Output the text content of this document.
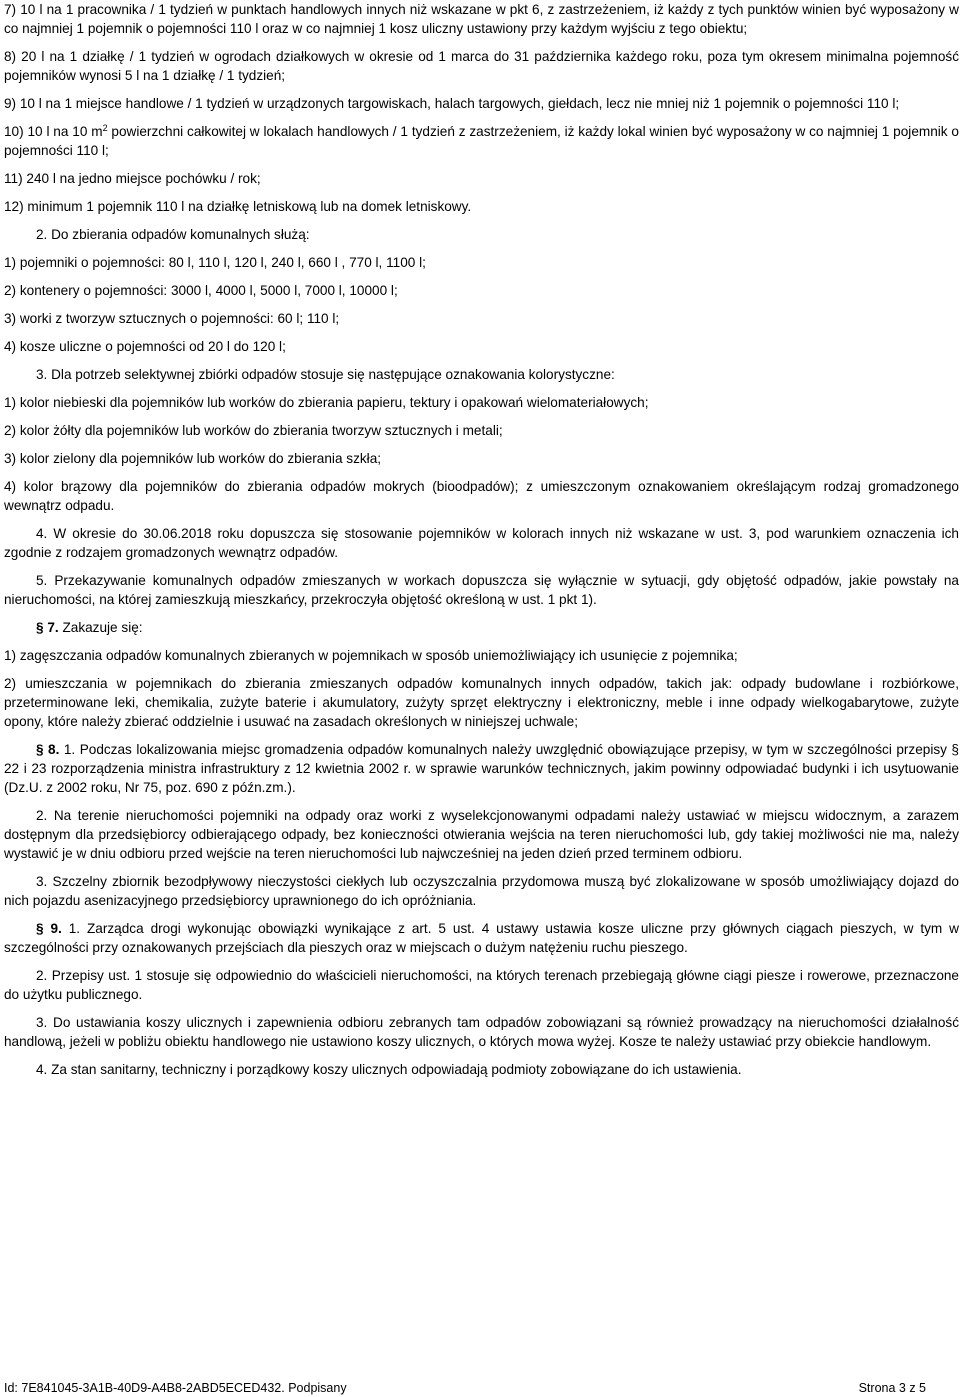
7) 10 l na 1 pracownika / 1 tydzień w punktach handlowych innych niż wskazane w pkt 6, z zastrzeżeniem, iż każdy z tych punktów winien być wyposażony w co najmniej 1 pojemnik o pojemności 110 l oraz w co najmniej 1 kosz uliczny ustawiony przy każdym wyjściu z tego obiektu;

8) 20 l na 1 działkę / 1 tydzień w ogrodach działkowych w okresie od 1 marca do 31 października każdego roku, poza tym okresem minimalna pojemność pojemników wynosi 5 l na 1 działkę / 1 tydzień;

9) 10 l na 1 miejsce handlowe / 1 tydzień w urządzonych targowiskach, halach targowych, giełdach, lecz nie mniej niż 1 pojemnik o pojemności 110 l;

10) 10 l na 10 $m^2$ powierzchni całkowitej w lokalach handlowych / 1 tydzień z zastrzeżeniem, iż każdy lokal winien być wyposażony w co najmniej 1 pojemnik o pojemności 110 l;

11) 240 l na jedno miejsce pochówku / rok;

12) minimum 1 pojemnik 110 l na działkę letniskową lub na domek letniskowy.

2. Do zbierania odpadów komunalnych służą:

1) pojemniki o pojemności: 80 l, 110 l, 120 l, 240 l, 660 l , 770 l, 1100 l;

2) kontenery o pojemności: 3000 l, 4000 l, 5000 l, 7000 l, 10000 l;

3) worki z tworzyw sztucznych o pojemności: 60 l; 110 l;

4) kosze uliczne o pojemności od 20 l do 120 l;

3. Dla potrzeb selektywnej zbiórki odpadów stosuje się następujące oznakowania kolorystyczne:

1) kolor niebieski dla pojemników lub worków do zbierania papieru, tektury i opakowań wielomateriałowych;

2) kolor żółty dla pojemników lub worków do zbierania tworzyw sztucznych i metali;

3) kolor zielony dla pojemników lub worków do zbierania szkła;

4) kolor brązowy dla pojemników do zbierania odpadów mokrych (bioodpadów); z umieszczonym oznakowaniem określającym rodzaj gromadzonego wewnątrz odpadu.

4. W okresie do 30.06.2018 roku dopuszcza się stosowanie pojemników w kolorach innych niż wskazane w ust. 3, pod warunkiem oznaczenia ich zgodnie z rodzajem gromadzonych wewnątrz odpadów.

5. Przekazywanie komunalnych odpadów zmieszanych w workach dopuszcza się wyłącznie w sytuacji, gdy objętość odpadów, jakie powstały na nieruchomości, na której zamieszkują mieszkańcy, przekroczyła objętość określoną w ust. 1 pkt 1).

§ 7. Zakazuje się:

1) zagęszczania odpadów komunalnych zbieranych w pojemnikach w sposób uniemożliwiający ich usunięcie z pojemnika;

2) umieszczania w pojemnikach do zbierania zmieszanych odpadów komunalnych innych odpadów, takich jak: odpady budowlane i rozbiórkowe, przeterminowane leki, chemikalia, zużyte baterie i akumulatory, zużyty sprzęt elektryczny i elektroniczny, meble i inne odpady wielkogabarytowe, zużyte opony, które należy zbierać oddzielnie i usuwać na zasadach określonych w niniejszej uchwale;

§ 8. 1. Podczas lokalizowania miejsc gromadzenia odpadów komunalnych należy uwzględnić obowiązujące przepisy, w tym w szczególności przepisy § 22 i 23 rozporządzenia ministra infrastruktury z 12 kwietnia 2002 r. w sprawie warunków technicznych, jakim powinny odpowiadać budynki i ich usytuowanie (Dz.U. z 2002 roku, Nr 75, poz. 690 z późn.zm.).

2. Na terenie nieruchomości pojemniki na odpady oraz worki z wyselekcjonowanymi odpadami należy ustawiać w miejscu widocznym, a zarazem dostępnym dla przedsiębiorcy odbierającego odpady, bez konieczności otwierania wejścia na teren nieruchomości lub, gdy takiej możliwości nie ma, należy wystawić je w dniu odbioru przed wejście na teren nieruchomości lub najwcześniej na jeden dzień przed terminem odbioru.

3. Szczelny zbiornik bezodpływowy nieczystości ciekłych lub oczyszczalnia przydomowa muszą być zlokalizowane w sposób umożliwiający dojazd do nich pojazdu asenizacyjnego przedsiębiorcy uprawnionego do ich opróżniania.

§ 9. 1. Zarządca drogi wykonując obowiązki wynikające z art. 5 ust. 4 ustawy ustawia kosze uliczne przy głównych ciągach pieszych, w tym w szczególności przy oznakowanych przejściach dla pieszych oraz w miejscach o dużym natężeniu ruchu pieszego.

2. Przepisy ust. 1 stosuje się odpowiednio do właścicieli nieruchomości, na których terenach przebiegają główne ciągi piesze i rowerowe, przeznaczone do użytku publicznego.

3. Do ustawiania koszy ulicznych i zapewnienia odbioru zebranych tam odpadów zobowiązani są również prowadzący na nieruchomości działalność handlową, jeżeli w pobliżu obiektu handlowego nie ustawiono koszy ulicznych, o których mowa wyżej. Kosze te należy ustawiać przy obiekcie handlowym.

4. Za stan sanitarny, techniczny i porządkowy koszy ulicznych odpowiadają podmioty zobowiązane do ich ustawienia.

Id: 7E841045-3A1B-40D9-A4B8-2ABD5ECED432. Podpisany	Strona 3 z 5
